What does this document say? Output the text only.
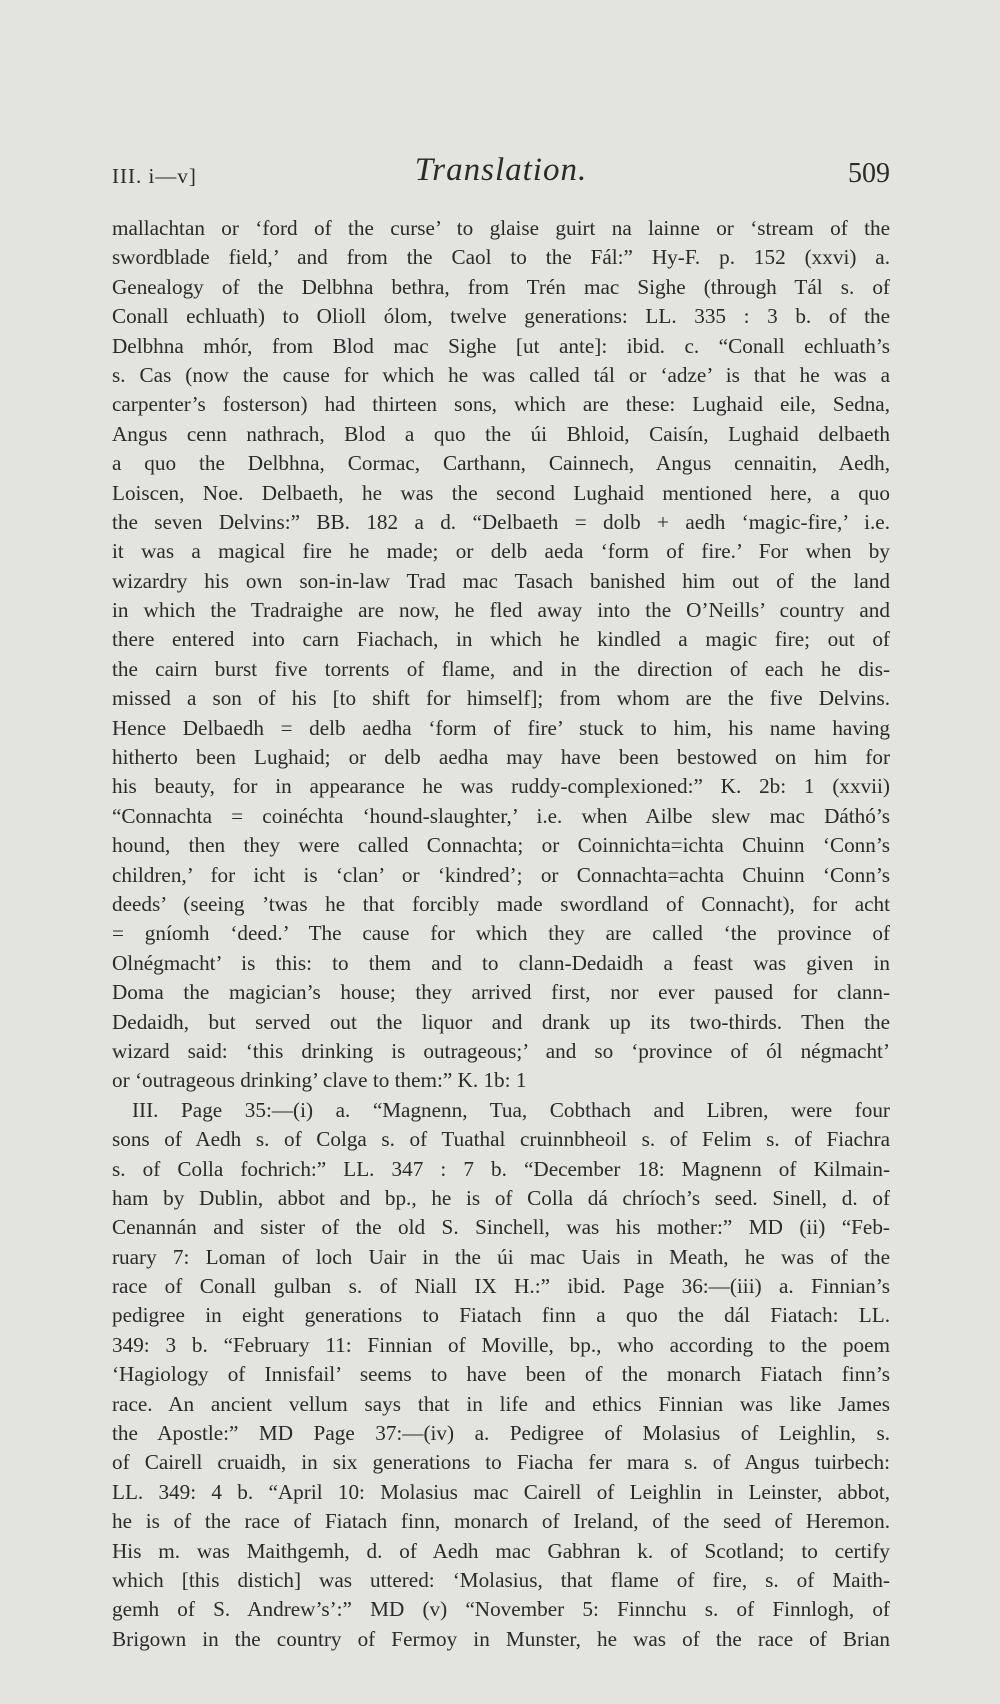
III. i—v]	Translation.	509
mallachtan or ‘ford of the curse’ to glaise guirt na lainne or ‘stream of the
swordblade field,’ and from the Caol to the Fál:” Hy-F. p. 152 (xxvi) a.
Genealogy of the Delbhna bethra, from Trén mac Sighe (through Tál s. of
Conall echluath) to Olioll ólom, twelve generations: LL. 335 : 3 b. of the
Delbhna mhór, from Blod mac Sighe [ut ante]: ibid. c. “Conall echluath’s
s. Cas (now the cause for which he was called tál or ‘adze’ is that he was a
carpenter’s fosterson) had thirteen sons, which are these: Lughaid eile, Sedna,
Angus cenn nathrach, Blod a quo the úi Bhloid, Caisín, Lughaid delbaeth
a quo the Delbhna, Cormac, Carthann, Cainnech, Angus cennaitin, Aedh,
Loiscen, Noe. Delbaeth, he was the second Lughaid mentioned here, a quo
the seven Delvins:” BB. 182 a d. “Delbaeth = dolb + aedh ‘magic-fire,’ i.e.
it was a magical fire he made; or delb aeda ‘form of fire.’ For when by
wizardry his own son-in-law Trad mac Tasach banished him out of the land
in which the Tradraighe are now, he fled away into the O’Neills’ country and
there entered into carn Fiachach, in which he kindled a magic fire; out of
the cairn burst five torrents of flame, and in the direction of each he dis-
missed a son of his [to shift for himself]; from whom are the five Delvins.
Hence Delbaedh = delb aedha ‘form of fire’ stuck to him, his name having
hitherto been Lughaid; or delb aedha may have been bestowed on him for
his beauty, for in appearance he was ruddy-complexioned:” K. 2b: 1 (xxvii)
“Connachta = coinéchta ‘hound-slaughter,’ i.e. when Ailbe slew mac Dáthó’s
hound, then they were called Connachta; or Coinnichta=ichta Chuinn ‘Conn’s
children,’ for icht is ‘clan’ or ‘kindred’; or Connachta=achta Chuinn ‘Conn’s
deeds’ (seeing ’twas he that forcibly made swordland of Connacht), for acht
= gníomh ‘deed.’ The cause for which they are called ‘the province of
Olnégmacht’ is this: to them and to clann-Dedaidh a feast was given in
Doma the magician’s house; they arrived first, nor ever paused for clann-
Dedaidh, but served out the liquor and drank up its two-thirds. Then the
wizard said: ‘this drinking is outrageous;’ and so ‘province of ól négmacht’
or ‘outrageous drinking’ clave to them:” K. 1b: 1
III. Page 35:—(i) a. “Magnenn, Tua, Cobthach and Libren, were four
sons of Aedh s. of Colga s. of Tuathal cruinnbheoil s. of Felim s. of Fiachra
s. of Colla fochrich:” LL. 347 : 7 b. “December 18: Magnenn of Kilmain-
ham by Dublin, abbot and bp., he is of Colla dá chríoch’s seed. Sinell, d. of
Cenannán and sister of the old S. Sinchell, was his mother:” MD (ii) “Feb-
ruary 7: Loman of loch Uair in the úi mac Uais in Meath, he was of the
race of Conall gulban s. of Niall IX H.:” ibid. Page 36:—(iii) a. Finnian’s
pedigree in eight generations to Fiatach finn a quo the dál Fiatach: LL.
349: 3 b. “February 11: Finnian of Moville, bp., who according to the poem
‘Hagiology of Innisfail’ seems to have been of the monarch Fiatach finn’s
race. An ancient vellum says that in life and ethics Finnian was like James
the Apostle:” MD Page 37:—(iv) a. Pedigree of Molasius of Leighlin, s.
of Cairell cruaidh, in six generations to Fiacha fer mara s. of Angus tuirbech:
LL. 349: 4 b. “April 10: Molasius mac Cairell of Leighlin in Leinster, abbot,
he is of the race of Fiatach finn, monarch of Ireland, of the seed of Heremon.
His m. was Maithgemh, d. of Aedh mac Gabhran k. of Scotland; to certify
which [this distich] was uttered: ‘Molasius, that flame of fire, s. of Maith-
gemh of S. Andrew’s’:” MD (v) “November 5: Finnchu s. of Finnlogh, of
Brigown in the country of Fermoy in Munster, he was of the race of Brian
